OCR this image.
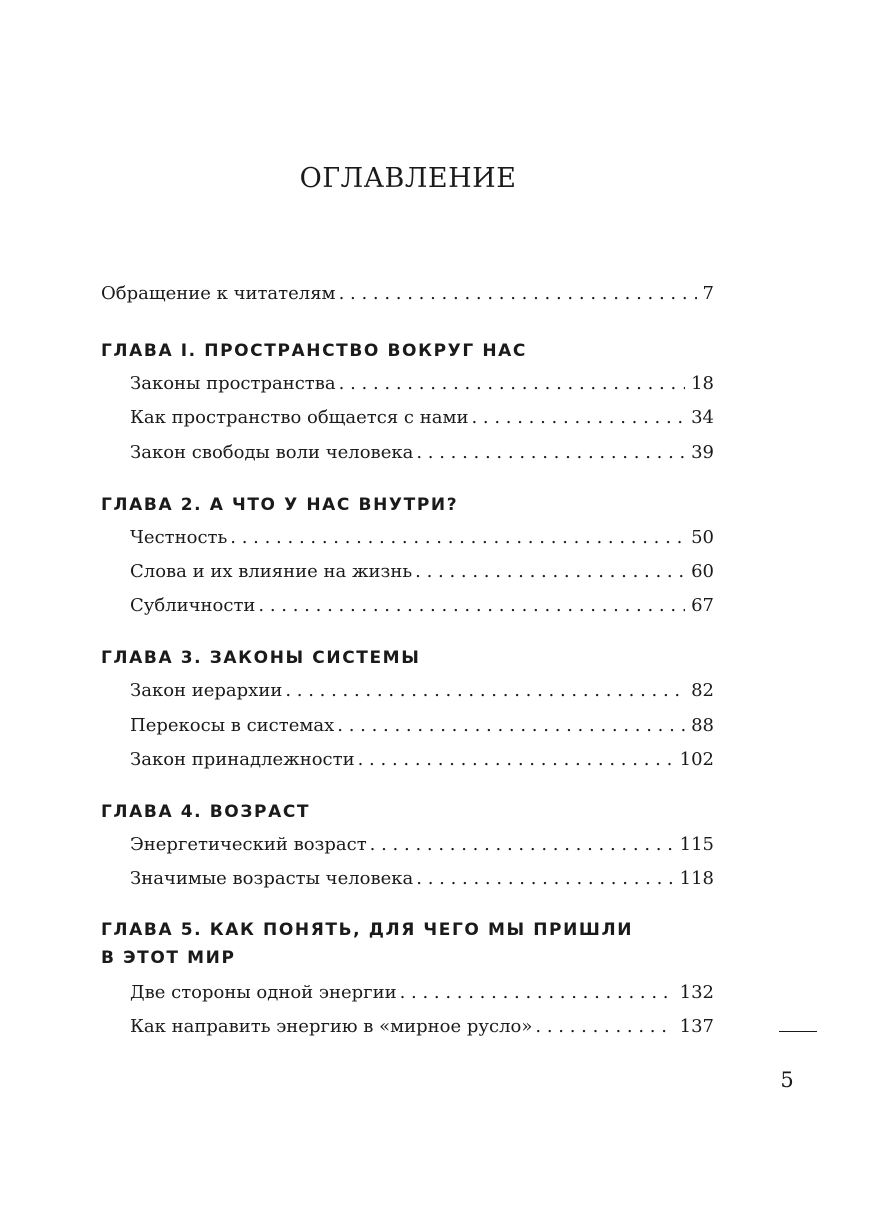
ОГЛАВЛЕНИЕ
Обращение к читателям . . .	7
ГЛАВА I. ПРОСТРАНСТВО ВОКРУГ НАС
Законы пространства . . .	18
Как пространство общается с нами . . .	34
Закон свободы воли человека . . .	39
ГЛАВА 2. А ЧТО У НАС ВНУТРИ?
Честность . . .	50
Слова и их влияние на жизнь . . .	60
Субличности . . .	67
ГЛАВА 3. ЗАКОНЫ СИСТЕМЫ
Закон иерархии . . .	82
Перекосы в системах . . .	88
Закон принадлежности . . .	102
ГЛАВА 4. ВОЗРАСТ
Энергетический возраст . . .	115
Значимые возрасты человека . . .	118
ГЛАВА 5. КАК ПОНЯТЬ, ДЛЯ ЧЕГО МЫ ПРИШЛИ
В ЭТОТ МИР
Две стороны одной энергии . . .	132
Как направить энергию в «мирное русло» . . .	137
5
